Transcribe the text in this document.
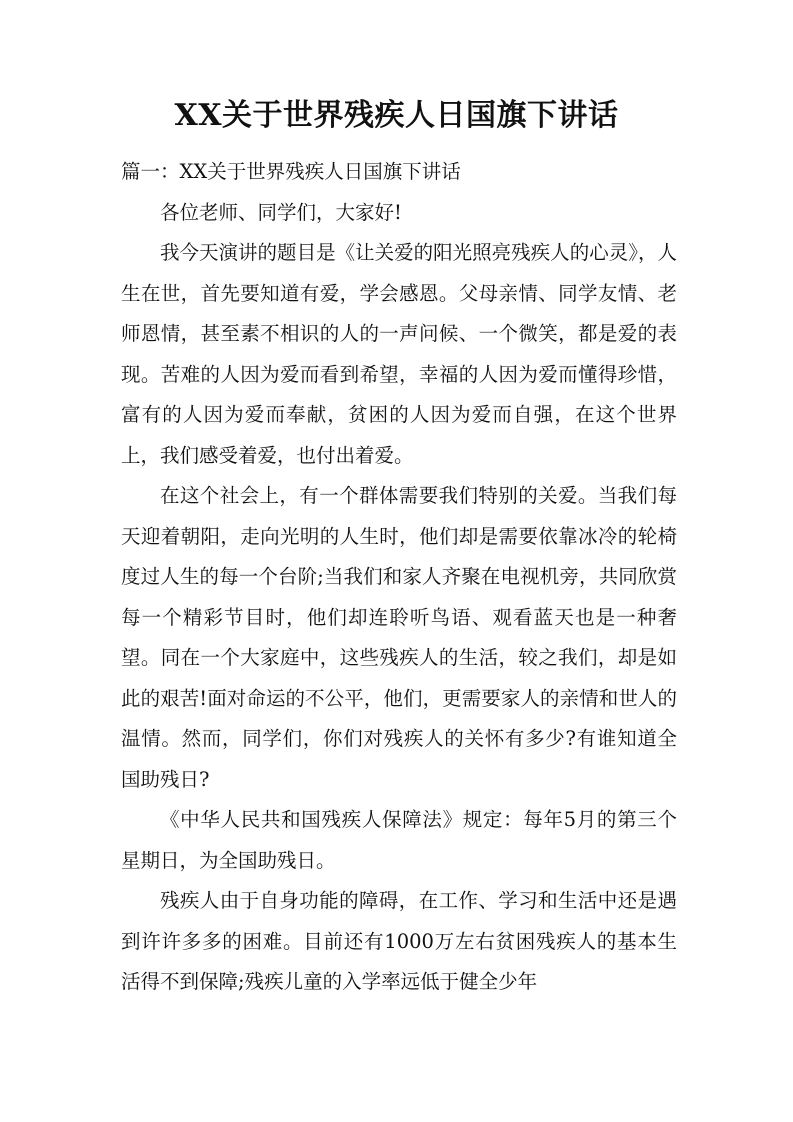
XX关于世界残疾人日国旗下讲话

篇一：XX关于世界残疾人日国旗下讲话

各位老师、同学们，大家好!

我今天演讲的题目是《让关爱的阳光照亮残疾人的心灵》，人生在世，首先要知道有爱，学会感恩。父母亲情、同学友情、老师恩情，甚至素不相识的人的一声问候、一个微笑，都是爱的表现。苦难的人因为爱而看到希望，幸福的人因为爱而懂得珍惜，富有的人因为爱而奉献，贫困的人因为爱而自强，在这个世界上，我们感受着爱，也付出着爱。

在这个社会上，有一个群体需要我们特别的关爱。当我们每天迎着朝阳，走向光明的人生时，他们却是需要依靠冰冷的轮椅度过人生的每一个台阶;当我们和家人齐聚在电视机旁，共同欣赏每一个精彩节目时，他们却连聆听鸟语、观看蓝天也是一种奢望。同在一个大家庭中，这些残疾人的生活，较之我们，却是如此的艰苦!面对命运的不公平，他们，更需要家人的亲情和世人的温情。然而，同学们，你们对残疾人的关怀有多少?有谁知道全国助残日?

《中华人民共和国残疾人保障法》规定：每年5月的第三个星期日，为全国助残日。

残疾人由于自身功能的障碍，在工作、学习和生活中还是遇到许许多多的困难。目前还有1000万左右贫困残疾人的基本生活得不到保障;残疾儿童的入学率远低于健全少年
